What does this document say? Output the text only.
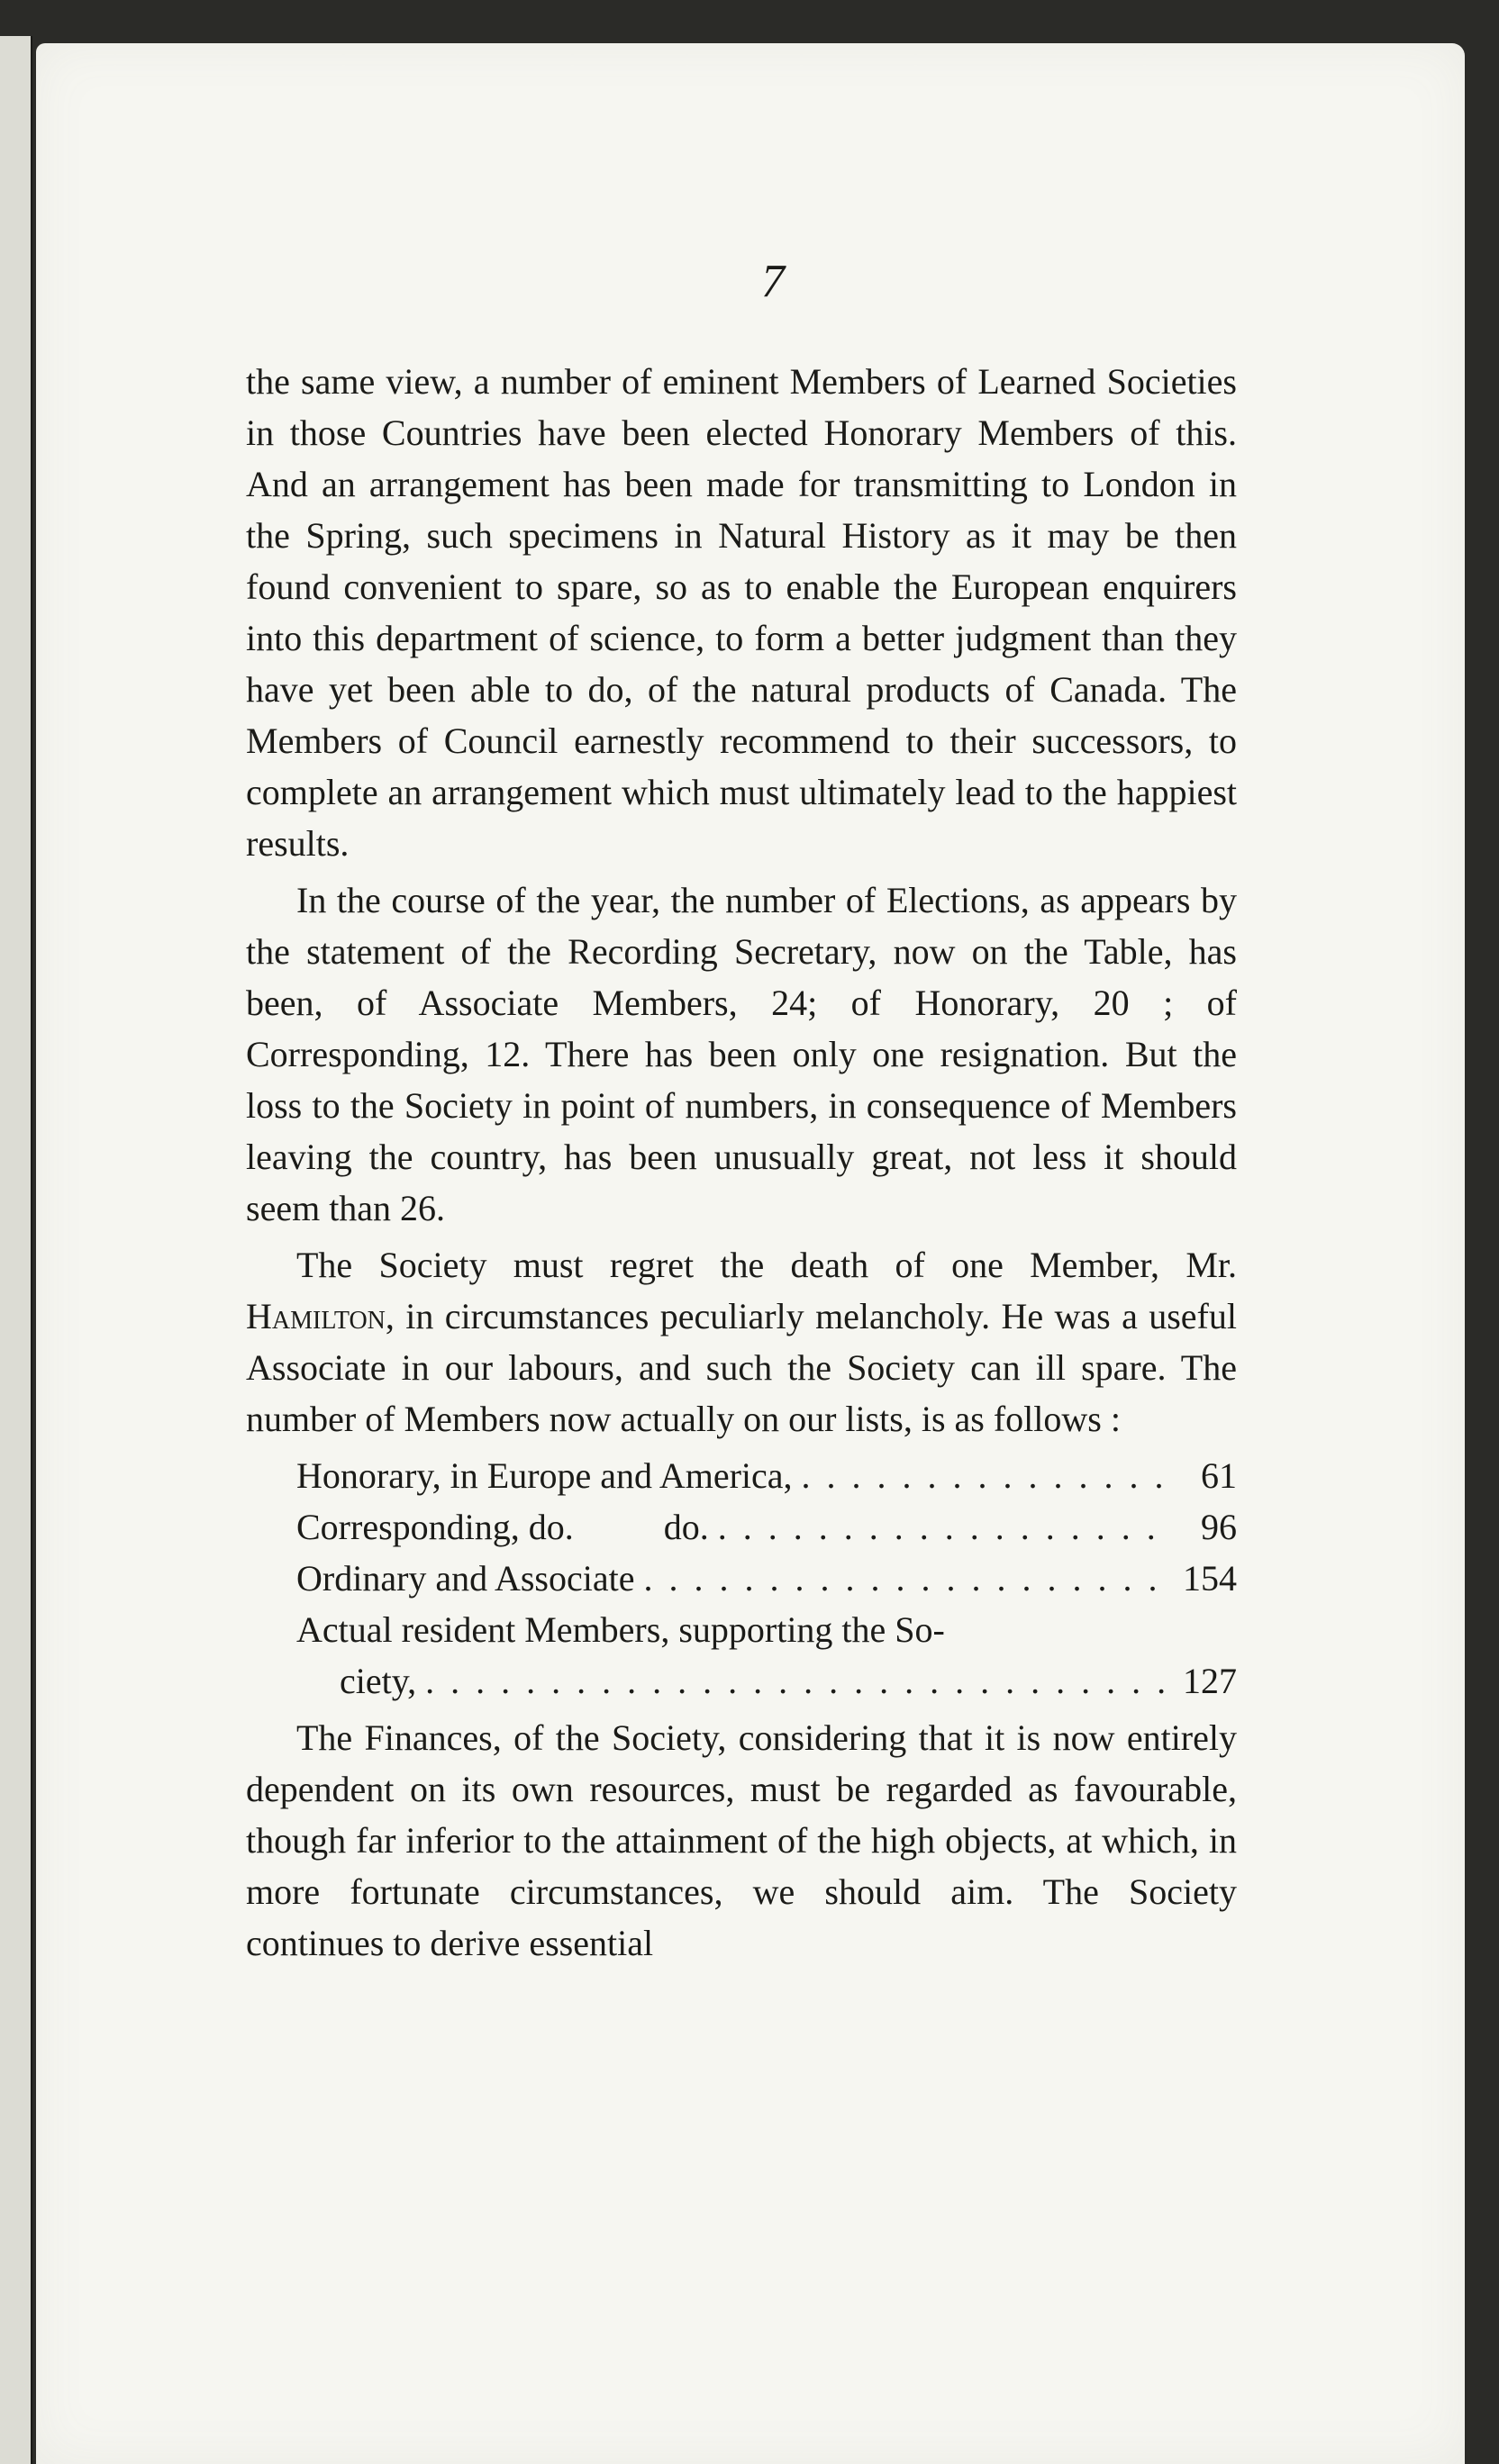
7

the same view, a number of eminent Members of Learned Societies in those Countries have been elected Honorary Members of this. And an arrangement has been made for transmitting to London in the Spring, such specimens in Natural History as it may be then found convenient to spare, so as to enable the European enquirers into this department of science, to form a better judgment than they have yet been able to do, of the natural products of Canada. The Members of Council earnestly recommend to their successors, to complete an arrangement which must ultimately lead to the happiest results.

In the course of the year, the number of Elections, as appears by the statement of the Recording Secretary, now on the Table, has been, of Associate Members, 24; of Honorary, 20 ; of Corresponding, 12. There has been only one resignation. But the loss to the Society in point of numbers, in consequence of Members leaving the country, has been unusually great, not less it should seem than 26.

The Society must regret the death of one Member, Mr. Hamilton, in circumstances peculiarly melancholy. He was a useful Associate in our labours, and such the Society can ill spare. The number of Members now actually on our lists, is as follows :

Honorary, in Europe and America, . . .	61
Corresponding, do.          do. . . .	96
Ordinary and Associate . . .	154
Actual resident Members, supporting the So-
ciety, . . .	127

The Finances, of the Society, considering that it is now entirely dependent on its own resources, must be regarded as favourable, though far inferior to the attainment of the high objects, at which, in more fortunate circumstances, we should aim. The Society continues to derive essential
